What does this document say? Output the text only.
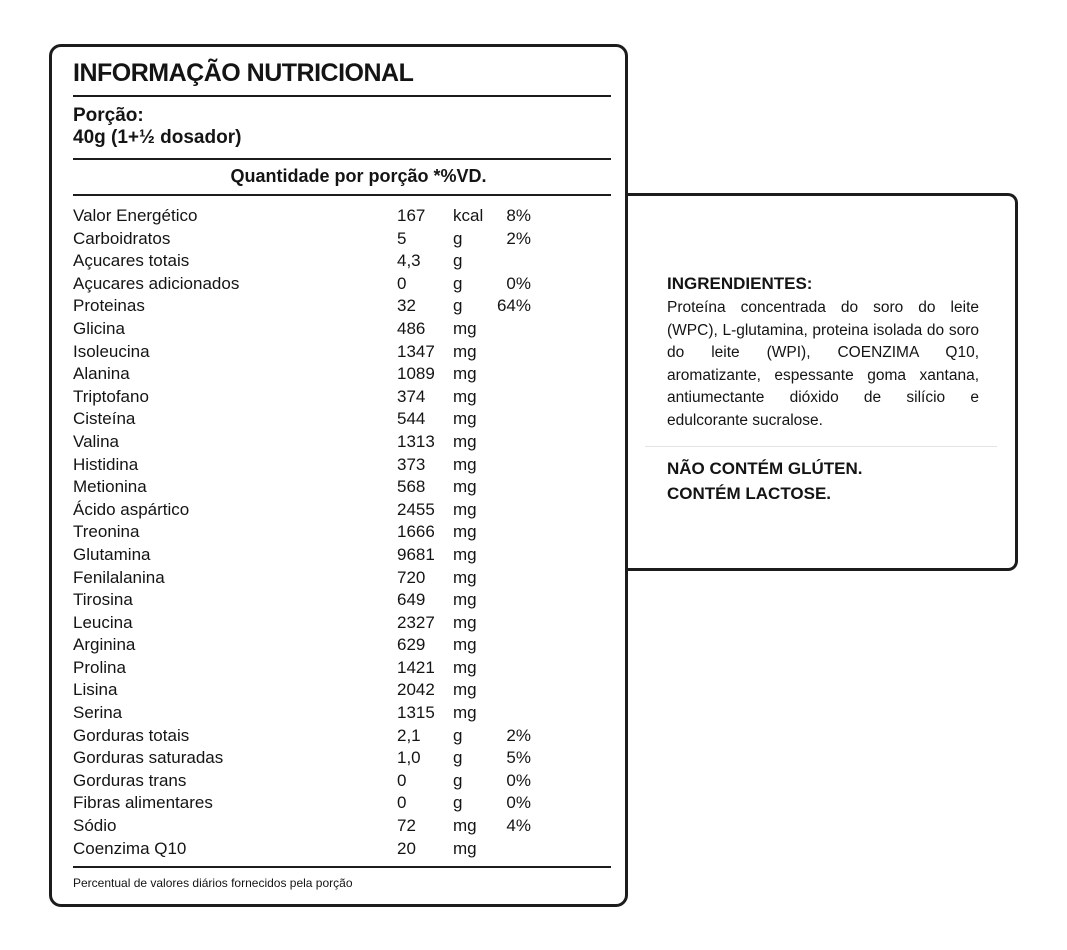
INGRENDIENTES:
Proteína concentrada do soro do leite (WPC), L-glutamina, proteina isolada do soro do leite (WPI), COENZIMA Q10, aromatizante, espessante goma xantana, antiumectante dióxido de silício e edulcorante sucralose.
NÃO CONTÉM GLÚTEN.
CONTÉM LACTOSE.
INFORMAÇÃO NUTRICIONAL
Porção:
40g (1+½ dosador)
Quantidade por porção *%VD.
Valor Energético	167 kcal	8%
Carboidratos	5	g	2%
Açucares totais	4,3 g
Açucares adicionados	0	g	0%
Proteinas	32 g	64%
Glicina	486 mg
Isoleucina	1347 mg
Alanina	1089 mg
Triptofano	374 mg
Cisteína	544 mg
Valina	1313 mg
Histidina	373 mg
Metionina	568 mg
Ácido aspártico	2455 mg
Treonina	1666 mg
Glutamina	9681 mg
Fenilalanina	720 mg
Tirosina	649 mg
Leucina	2327 mg
Arginina	629 mg
Prolina	1421 mg
Lisina	2042 mg
Serina	1315 mg
Gorduras totais	2,1 g	2%
Gorduras saturadas	1,0 g	5%
Gorduras trans	0	g	0%
Fibras alimentares	0	g	0%
Sódio	72 mg	4%
Coenzima Q10	20 mg
Percentual de valores diários fornecidos pela porção
